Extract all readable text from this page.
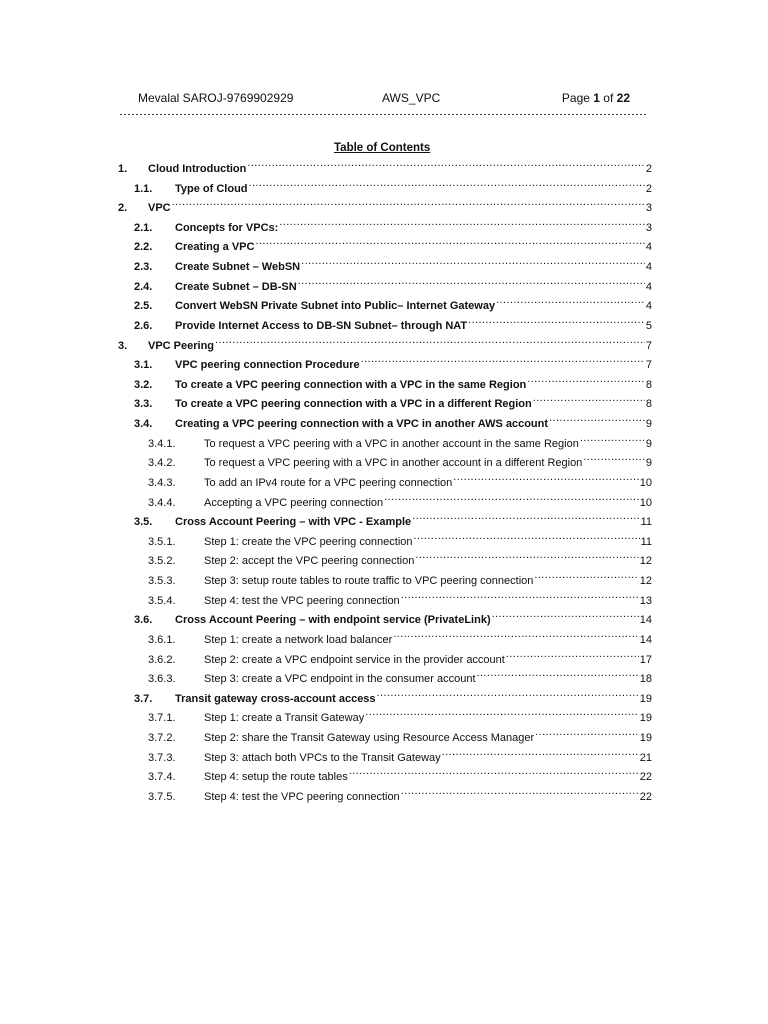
Mevalal SAROJ-9769902929	AWS_VPC	Page 1 of 22
Table of Contents
1.	Cloud Introduction .....	2
1.1.	Type of Cloud .....	2
2.	VPC .....	3
2.1.	Concepts for VPCs: .....	3
2.2.	Creating a VPC .....	4
2.3.	Create Subnet – WebSN .....	4
2.4.	Create Subnet – DB-SN .....	4
2.5.	Convert WebSN Private Subnet into Public– Internet Gateway .....	4
2.6.	Provide Internet Access to DB-SN Subnet– through NAT .....	5
3.	VPC Peering .....	7
3.1.	VPC peering connection Procedure .....	7
3.2.	To create a VPC peering connection with a VPC in the same Region .....	8
3.3.	To create a VPC peering connection with a VPC in a different Region .....	8
3.4.	Creating a VPC peering connection with a VPC in another AWS account .....	9
3.4.1.	To request a VPC peering with a VPC in another account in the same Region .....	9
3.4.2.	To request a VPC peering with a VPC in another account in a different Region .....	9
3.4.3.	To add an IPv4 route for a VPC peering connection .....	10
3.4.4.	Accepting a VPC peering connection .....	10
3.5.	Cross Account Peering – with VPC - Example .....	11
3.5.1.	Step 1: create the VPC peering connection .....	11
3.5.2.	Step 2: accept the VPC peering connection .....	12
3.5.3.	Step 3: setup route tables to route traffic to VPC peering connection .....	12
3.5.4.	Step 4: test the VPC peering connection .....	13
3.6.	Cross Account Peering – with endpoint service (PrivateLink) .....	14
3.6.1.	Step 1: create a network load balancer .....	14
3.6.2.	Step 2: create a VPC endpoint service in the provider account .....	17
3.6.3.	Step 3: create a VPC endpoint in the consumer account .....	18
3.7.	Transit gateway cross-account access .....	19
3.7.1.	Step 1: create a Transit Gateway .....	19
3.7.2.	Step 2: share the Transit Gateway using Resource Access Manager .....	19
3.7.3.	Step 3: attach both VPCs to the Transit Gateway .....	21
3.7.4.	Step 4: setup the route tables .....	22
3.7.5.	Step 4: test the VPC peering connection .....	22
